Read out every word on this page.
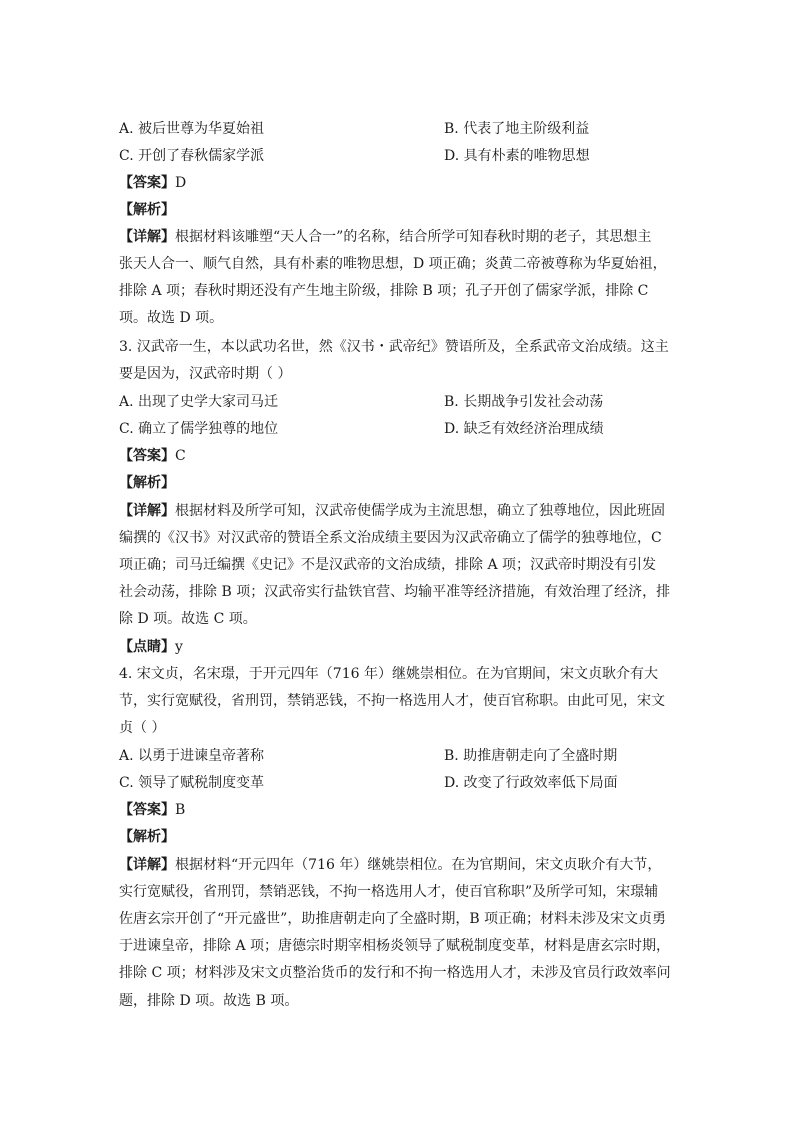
A. 被后世尊为华夏始祖	B. 代表了地主阶级利益
C. 开创了春秋儒家学派	D. 具有朴素的唯物思想
【答案】D
【解析】
【详解】根据材料该雕塑“天人合一”的名称，结合所学可知春秋时期的老子，其思想主
张天人合一、顺气自然，具有朴素的唯物思想，D 项正确；炎黄二帝被尊称为华夏始祖，
排除 A 项；春秋时期还没有产生地主阶级，排除 B 项；孔子开创了儒家学派，排除 C
项。故选 D 项。
3. 汉武帝一生，本以武功名世，然《汉书・武帝纪》赞语所及，全系武帝文治成绩。这主
要是因为，汉武帝时期（ ）
A. 出现了史学大家司马迁	B. 长期战争引发社会动荡
C. 确立了儒学独尊的地位	D. 缺乏有效经济治理成绩
【答案】C
【解析】
【详解】根据材料及所学可知，汉武帝使儒学成为主流思想，确立了独尊地位，因此班固
编撰的《汉书》对汉武帝的赞语全系文治成绩主要因为汉武帝确立了儒学的独尊地位，C
项正确；司马迁编撰《史记》不是汉武帝的文治成绩，排除 A 项；汉武帝时期没有引发
社会动荡，排除 B 项；汉武帝实行盐铁官营、均输平准等经济措施，有效治理了经济，排
除 D 项。故选 C 项。
【点睛】y
4. 宋文贞，名宋璟，于开元四年（716 年）继姚崇相位。在为官期间，宋文贞耿介有大
节，实行宽赋役，省刑罚，禁销恶钱，不拘一格选用人才，使百官称职。由此可见，宋文
贞（ ）
A. 以勇于进谏皇帝著称	B. 助推唐朝走向了全盛时期
C. 领导了赋税制度变革	D. 改变了行政效率低下局面
【答案】B
【解析】
【详解】根据材料“开元四年（716 年）继姚崇相位。在为官期间，宋文贞耿介有大节，
实行宽赋役，省刑罚，禁销恶钱，不拘一格选用人才，使百官称职”及所学可知，宋璟辅
佐唐玄宗开创了“开元盛世”，助推唐朝走向了全盛时期，B 项正确；材料未涉及宋文贞勇
于进谏皇帝，排除 A 项；唐德宗时期宰相杨炎领导了赋税制度变革，材料是唐玄宗时期，
排除 C 项；材料涉及宋文贞整治货币的发行和不拘一格选用人才，未涉及官员行政效率问
题，排除 D 项。故选 B 项。
